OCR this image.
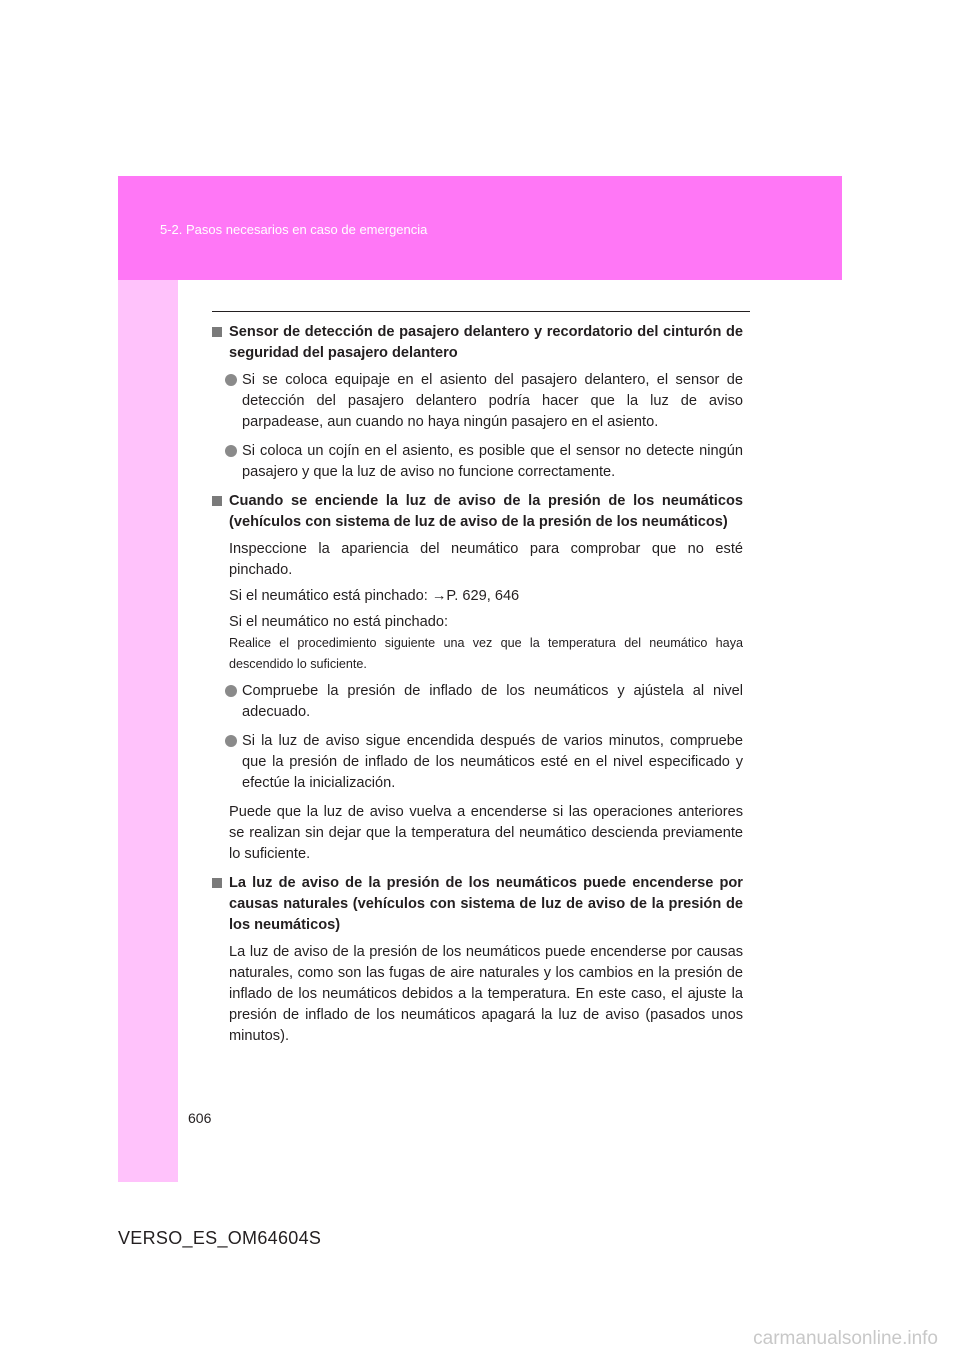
5-2. Pasos necesarios en caso de emergencia
Sensor de detección de pasajero delantero y recordatorio del cinturón de seguridad del pasajero delantero
Si se coloca equipaje en el asiento del pasajero delantero, el sensor de detección del pasajero delantero podría hacer que la luz de aviso parpadease, aun cuando no haya ningún pasajero en el asiento.
Si coloca un cojín en el asiento, es posible que el sensor no detecte ningún pasajero y que la luz de aviso no funcione correctamente.
Cuando se enciende la luz de aviso de la presión de los neumáticos (vehículos con sistema de luz de aviso de la presión de los neumáticos)
Inspeccione la apariencia del neumático para comprobar que no esté pinchado.
Si el neumático está pinchado: →P. 629, 646
Si el neumático no está pinchado:
Realice el procedimiento siguiente una vez que la temperatura del neumático haya descendido lo suficiente.
Compruebe la presión de inflado de los neumáticos y ajústela al nivel adecuado.
Si la luz de aviso sigue encendida después de varios minutos, compruebe que la presión de inflado de los neumáticos esté en el nivel especificado y efectúe la inicialización.
Puede que la luz de aviso vuelva a encenderse si las operaciones anteriores se realizan sin dejar que la temperatura del neumático descienda previamente lo suficiente.
La luz de aviso de la presión de los neumáticos puede encenderse por causas naturales (vehículos con sistema de luz de aviso de la presión de los neumáticos)
La luz de aviso de la presión de los neumáticos puede encenderse por causas naturales, como son las fugas de aire naturales y los cambios en la presión de inflado de los neumáticos debidos a la temperatura. En este caso, el ajuste la presión de inflado de los neumáticos apagará la luz de aviso (pasados unos minutos).
606
VERSO_ES_OM64604S
carmanualsonline.info
